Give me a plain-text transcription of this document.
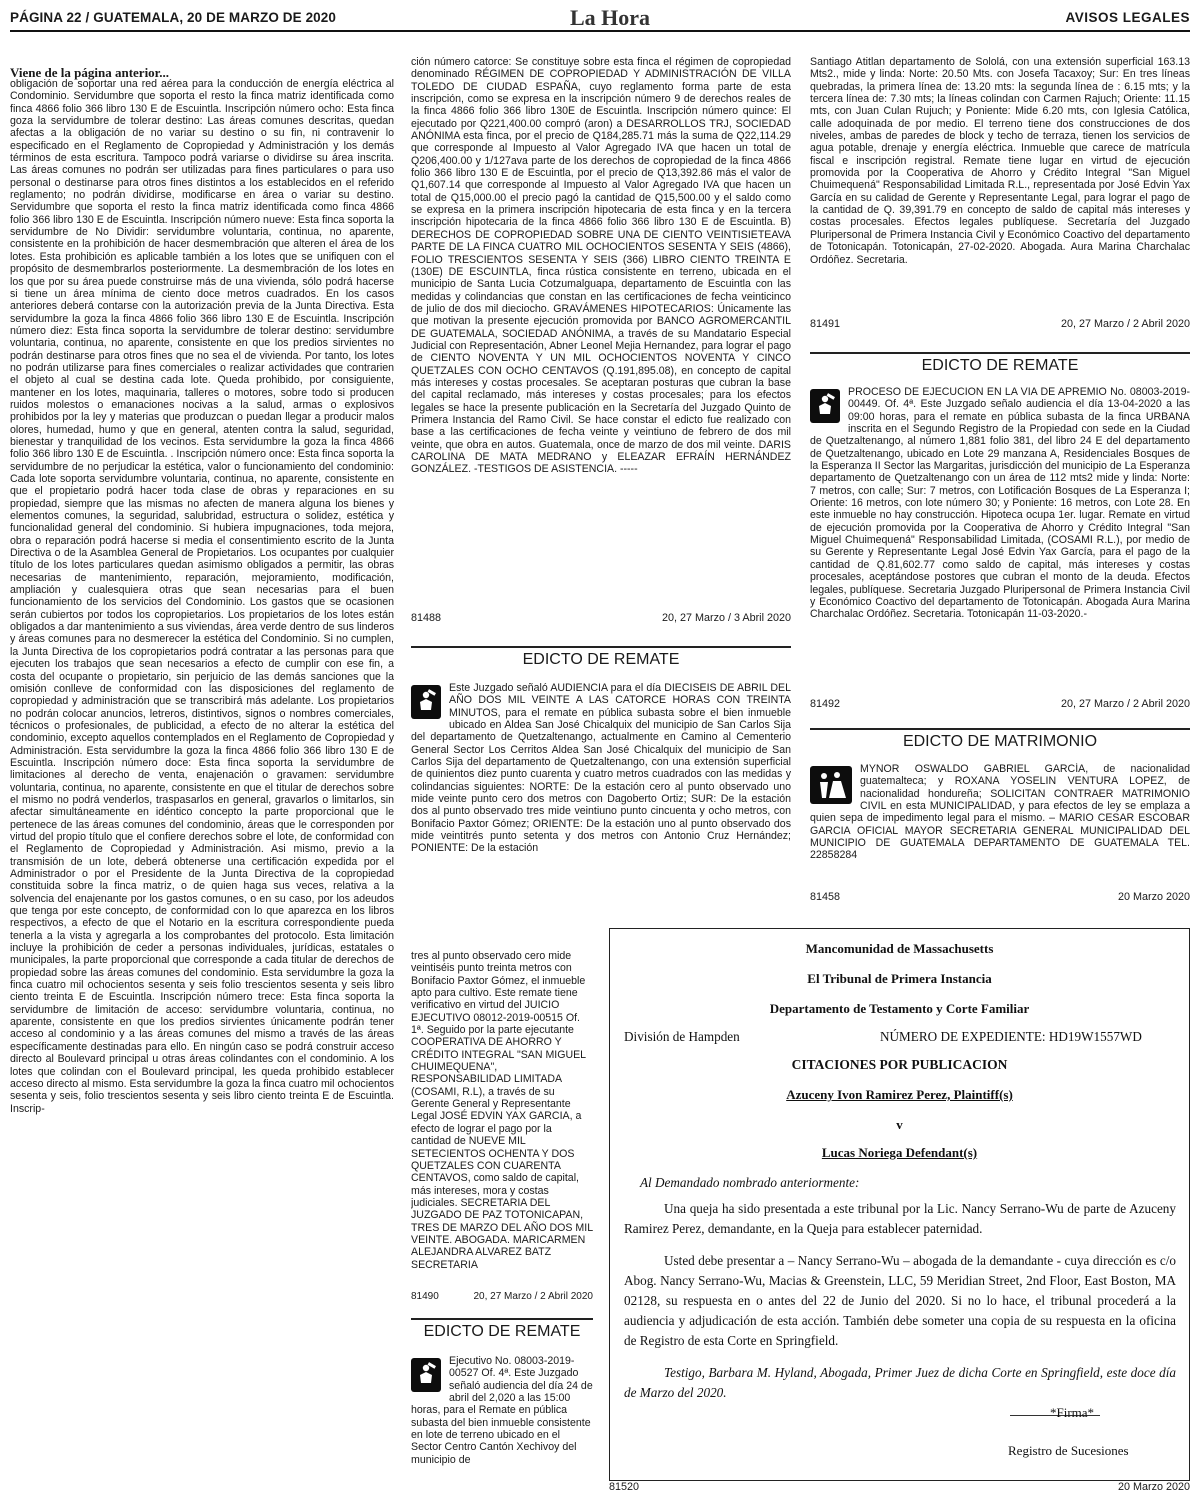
PÁGINA 22 / GUATEMALA, 20 DE MARZO DE 2020	La Hora	AVISOS LEGALES
Viene de la página anterior...

obligación de soportar una red aérea para la conducción de energía eléctrica al Condominio. Servidumbre que soporta el resto la finca matriz identificada como finca 4866 folio 366 libro 130 E de Escuintla. Inscripción número ocho: Esta finca goza la servidumbre de tolerar destino: Las áreas comunes descritas, quedan afectas a la obligación de no variar su destino o su fin, ni contravenir lo especificado en el Reglamento de Copropiedad y Administración y los demás términos de esta escritura. Tampoco podrá variarse o dividirse su área inscrita. Las áreas comunes no podrán ser utilizadas para fines particulares o para uso personal o destinarse para otros fines distintos a los establecidos en el referido reglamento; no podrán dividirse, modificarse en área o variar su destino. Servidumbre que soporta el resto la finca matriz identificada como finca 4866 folio 366 libro 130 E de Escuintla. Inscripción número nueve: Esta finca soporta la servidumbre de No Dividir: servidumbre voluntaria, continua, no aparente, consistente en la prohibición de hacer desmembración que alteren el área de los lotes. Esta prohibición es aplicable también a los lotes que se unifiquen con el propósito de desmembrarlos posteriormente. La desmembración de los lotes en los que por su área puede construirse más de una vivienda, sólo podrá hacerse si tiene un área mínima de ciento doce metros cuadrados. En los casos anteriores deberá contarse con la autorización previa de la Junta Directiva. Esta servidumbre la goza la finca 4866 folio 366 libro 130 E de Escuintla. Inscripción número diez: Esta finca soporta la servidumbre de tolerar destino: servidumbre voluntaria, continua, no aparente, consistente en que los predios sirvientes no podrán destinarse para otros fines que no sea el de vivienda. Por tanto, los lotes no podrán utilizarse para fines comerciales o realizar actividades que contrarien el objeto al cual se destina cada lote. Queda prohibido, por consiguiente, mantener en los lotes, maquinaria, talleres o motores, sobre todo si producen ruidos molestos o emanaciones nocivas a la salud, armas o explosivos prohibidos por la ley y materias que produzcan o puedan llegar a producir malos olores, humedad, humo y que en general, atenten contra la salud, seguridad, bienestar y tranquilidad de los vecinos. Esta servidumbre la goza la finca 4866 folio 366 libro 130 E de Escuintla. . Inscripción número once: Esta finca soporta la servidumbre de no perjudicar la estética, valor o funcionamiento del condominio: Cada lote soporta servidumbre voluntaria, continua, no aparente, consistente en que el propietario podrá hacer toda clase de obras y reparaciones en su propiedad, siempre que las mismas no afecten de manera alguna los bienes y elementos comunes, la seguridad, salubridad, estructura o solidez, estética y funcionalidad general del condominio. Si hubiera impugnaciones, toda mejora, obra o reparación podrá hacerse si media el consentimiento escrito de la Junta Directiva o de la Asamblea General de Propietarios. Los ocupantes por cualquier título de los lotes particulares quedan asimismo obligados a permitir, las obras necesarias de mantenimiento, reparación, mejoramiento, modificación, ampliación y cualesquiera otras que sean necesarias para el buen funcionamiento de los servicios del Condominio. Los gastos que se ocasionen serán cubiertos por todos los copropietarios. Los propietarios de los lotes están obligados a dar mantenimiento a sus viviendas, área verde dentro de sus linderos y áreas comunes para no desmerecer la estética del Condominio. Si no cumplen, la Junta Directiva de los copropietarios podrá contratar a las personas para que ejecuten los trabajos que sean necesarios a efecto de cumplir con ese fin, a costa del ocupante o propietario, sin perjuicio de las demás sanciones que la omisión conlleve de conformidad con las disposiciones del reglamento de copropiedad y administración que se transcribirá más adelante. Los propietarios no podrán colocar anuncios, letreros, distintivos, signos o nombres comerciales, técnicos o profesionales, de publicidad, a efecto de no alterar la estética del condominio, excepto aquellos contemplados en el Reglamento de Copropiedad y Administración. Esta servidumbre la goza la finca 4866 folio 366 libro 130 E de Escuintla. Inscripción número doce: Esta finca soporta la servidumbre de limitaciones al derecho de venta, enajenación o gravamen: servidumbre voluntaria, continua, no aparente, consistente en que el titular de derechos sobre el mismo no podrá venderlos, traspasarlos en general, gravarlos o limitarlos, sin afectar simultáneamente en idéntico concepto la parte proporcional que le pertenece de las áreas comunes del condominio, áreas que le corresponden por virtud del propio título que el confiere derechos sobre el lote, de conformidad con el Reglamento de Copropiedad y Administración. Asi mismo, previo a la transmisión de un lote, deberá obtenerse una certificación expedida por el Administrador o por el Presidente de la Junta Directiva de la copropiedad constituida sobre la finca matriz, o de quien haga sus veces, relativa a la solvencia del enajenante por los gastos comunes, o en su caso, por los adeudos que tenga por este concepto, de conformidad con lo que aparezca en los libros respectivos, a efecto de que el Notario en la escritura correspondiente pueda tenerla a la vista y agregarla a los comprobantes del protocolo. Esta limitación incluye la prohibición de ceder a personas individuales, jurídicas, estatales o municipales, la parte proporcional que corresponde a cada titular de derechos de propiedad sobre las áreas comunes del condominio. Esta servidumbre la goza la finca cuatro mil ochocientos sesenta y seis folio trescientos sesenta y seis libro ciento treinta E de Escuintla. Inscripción número trece: Esta finca soporta la servidumbre de limitación de acceso: servidumbre voluntaria, continua, no aparente, consistente en que los predios sirvientes únicamente podrán tener acceso al condominio y a las áreas comunes del mismo a través de las áreas específicamente destinadas para ello. En ningún caso se podrá construir acceso directo al Boulevard principal u otras áreas colindantes con el condominio. A los lotes que colindan con el Boulevard principal, les queda prohibido establecer acceso directo al mismo. Esta servidumbre la goza la finca cuatro mil ochocientos sesenta y seis, folio trescientos sesenta y seis libro ciento treinta E de Escuintla. Inscrip-

ción número catorce: Se constituye sobre esta finca el régimen de copropiedad denominado RÉGIMEN DE COPROPIEDAD Y ADMINISTRACIÓN DE VILLA TOLEDO DE CIUDAD ESPAÑA, cuyo reglamento forma parte de esta inscripción, como se expresa en la inscripción número 9 de derechos reales de la finca 4866 folio 366 libro 130E de Escuintla. Inscripción número quince: El ejecutado por Q221,400.00 compró (aron) a DESARROLLOS TRJ, SOCIEDAD ANÓNIMA esta finca, por el precio de Q184,285.71 más la suma de Q22,114.29 que corresponde al Impuesto al Valor Agregado IVA que hacen un total de Q206,400.00 y 1/127ava parte de los derechos de copropiedad de la finca 4866 folio 366 libro 130 E de Escuintla, por el precio de Q13,392.86 más el valor de Q1,607.14 que corresponde al Impuesto al Valor Agregado IVA que hacen un total de Q15,000.00 el precio pagó la cantidad de Q15,500.00 y el saldo como se expresa en la primera inscripción hipotecaria de esta finca y en la tercera inscripción hipotecaria de la finca 4866 folio 366 libro 130 E de Escuintla. B) DERECHOS DE COPROPIEDAD SOBRE UNA DE CIENTO VEINTISIETEAVA PARTE DE LA FINCA CUATRO MIL OCHOCIENTOS SESENTA Y SEIS (4866), FOLIO TRESCIENTOS SESENTA Y SEIS (366) LIBRO CIENTO TREINTA E (130E) DE ESCUINTLA, finca rústica consistente en terreno, ubicada en el municipio de Santa Lucia Cotzumalguapa, departamento de Escuintla con las medidas y colindancias que constan en las certificaciones de fecha veinticinco de julio de dos mil dieciocho. GRAVÁMENES HIPOTECARIOS: Únicamente las que motivan la presente ejecución promovida por BANCO AGROMERCANTIL DE GUATEMALA, SOCIEDAD ANÓNIMA, a través de su Mandatario Especial Judicial con Representación, Abner Leonel Mejia Hernandez, para lograr el pago de CIENTO NOVENTA Y UN MIL OCHOCIENTOS NOVENTA Y CINCO QUETZALES CON OCHO CENTAVOS (Q.191,895.08), en concepto de capital más intereses y costas procesales. Se aceptaran posturas que cubran la base del capital reclamado, más intereses y costas procesales; para los efectos legales se hace la presente publicación en la Secretaría del Juzgado Quinto de Primera Instancia del Ramo Civil. Se hace constar el edicto fue realizado con base a las certificaciones de fecha veinte y veintiuno de febrero de dos mil veinte, que obra en autos. Guatemala, once de marzo de dos mil veinte. DARIS CAROLINA DE MATA MEDRANO y ELEAZAR EFRAÍN HERNÁNDEZ GONZÁLEZ. -TESTIGOS DE ASISTENCIA. -----

81488	20, 27 Marzo / 3 Abril 2020
EDICTO DE REMATE

Este Juzgado señaló AUDIENCIA para el día DIECISEIS DE ABRIL DEL AÑO DOS MIL VEINTE A LAS CATORCE HORAS CON TREINTA MINUTOS, para el remate en pública subasta sobre el bien inmueble ubicado en Aldea San José Chicalquix del municipio de San Carlos Sija del departamento de Quetzaltenango, actualmente en Camino al Cementerio General Sector Los Cerritos Aldea San José Chicalquix del municipio de San Carlos Sija del departamento de Quetzaltenango, con una extensión superficial de quinientos diez punto cuarenta y cuatro metros cuadrados con las medidas y colindancias siguientes: NORTE: De la estación cero al punto observado uno mide veinte punto cero dos metros con Dagoberto Ortiz; SUR: De la estación dos al punto observado tres mide veintiuno punto cincuenta y ocho metros, con Bonifacio Paxtor Gómez; ORIENTE: De la estación uno al punto observado dos mide veintitrés punto setenta y dos metros con Antonio Cruz Hernández; PONIENTE: De la estación

tres al punto observado cero mide veintiséis punto treinta metros con Bonifacio Paxtor Gómez, el inmueble apto para cultivo. Este remate tiene verificativo en virtud del JUICIO EJECUTIVO 08012-2019-00515 Of. 1ª. Seguido por la parte ejecutante COOPERATIVA DE AHORRO Y CRÉDITO INTEGRAL "SAN MIGUEL CHUIMEQUENA", RESPONSABILIDAD LIMITADA (COSAMI, R.L), a través de su Gerente General y Representante Legal JOSÉ EDVIN YAX GARCIA, a efecto de lograr el pago por la cantidad de NUEVE MIL SETECIENTOS OCHENTA Y DOS QUETZALES CON CUARENTA CENTAVOS, como saldo de capital, más intereses, mora y costas judiciales. SECRETARIA DEL JUZGADO DE PAZ TOTONICAPAN, TRES DE MARZO DEL AÑO DOS MIL VEINTE. ABOGADA. MARICARMEN ALEJANDRA ALVAREZ BATZ SECRETARIA

81490	20, 27 Marzo / 2 Abril 2020
EDICTO DE REMATE

Ejecutivo No. 08003-2019-00527 Of. 4ª. Este Juzgado señaló audiencia del día 24 de abril del 2,020 a las 15:00 horas, para el Remate en pública subasta del bien inmueble consistente en lote de terreno ubicado en el Sector Centro Cantón Xechivoy del municipio de

Santiago Atitlan departamento de Sololá, con una extensión superficial 163.13 Mts2., mide y linda: Norte: 20.50 Mts. con Josefa Tacaxoy; Sur: En tres líneas quebradas, la primera línea de: 13.20 mts: la segunda línea de : 6.15 mts; y la tercera línea de: 7.30 mts; la líneas colindan con Carmen Rajuch; Oriente: 11.15 mts, con Juan Culan Rujuch; y Poniente: Mide 6.20 mts, con Iglesia Católica, calle adoquinada de por medio. El terreno tiene dos construcciones de dos niveles, ambas de paredes de block y techo de terraza, tienen los servicios de agua potable, drenaje y energía eléctrica. Inmueble que carece de matrícula fiscal e inscripción registral. Remate tiene lugar en virtud de ejecución promovida por la Cooperativa de Ahorro y Crédito Integral "San Miguel Chuimequená" Responsabilidad Limitada R.L., representada por José Edvin Yax García en su calidad de Gerente y Representante Legal, para lograr el pago de la cantidad de Q. 39,391.79 en concepto de saldo de capital más intereses y costas procesales. Efectos legales publíquese. Secretaría del Juzgado Pluripersonal de Primera Instancia Civil y Económico Coactivo del departamento de Totonicapán. Totonicapán, 27-02-2020. Abogada. Aura Marina Charchalac Ordóñez. Secretaria.

81491	20, 27 Marzo / 2 Abril 2020
EDICTO DE REMATE

PROCESO DE EJECUCION EN LA VIA DE APREMIO No. 08003-2019-00449. Of. 4ª. Este Juzgado señalo audiencia el día 13-04-2020 a las 09:00 horas, para el remate en pública subasta de la finca URBANA inscrita en el Segundo Registro de la Propiedad con sede en la Ciudad de Quetzaltenango, al número 1,881 folio 381, del libro 24 E del departamento de Quetzaltenango, ubicado en Lote 29 manzana A, Residenciales Bosques de la Esperanza II Sector las Margaritas, jurisdicción del municipio de La Esperanza departamento de Quetzaltenango con un área de 112 mts2 mide y linda: Norte: 7 metros, con calle; Sur: 7 metros, con Lotificación Bosques de La Esperanza I; Oriente: 16 metros, con lote número 30; y Poniente: 16 metros, con Lote 28. En este inmueble no hay construcción. Hipoteca ocupa 1er. lugar. Remate en virtud de ejecución promovida por la Cooperativa de Ahorro y Crédito Integral "San Miguel Chuimequená" Responsabilidad Limitada, (COSAMI R.L.), por medio de su Gerente y Representante Legal José Edvin Yax García, para el pago de la cantidad de Q.81,602.77 como saldo de capital, más intereses y costas procesales, aceptándose postores que cubran el monto de la deuda. Efectos legales, publíquese. Secretaria Juzgado Pluripersonal de Primera Instancia Civil y Económico Coactivo del departamento de Totonicapán. Abogada Aura Marina Charchalac Ordóñez. Secretaria. Totonicapán 11-03-2020.-

81492	20, 27 Marzo / 2 Abril 2020
EDICTO DE MATRIMONIO

MYNOR OSWALDO GABRIEL GARCÍA, de nacionalidad guatemalteca; y ROXANA YOSELIN VENTURA LOPEZ, de nacionalidad hondureña; SOLICITAN CONTRAER MATRIMONIO CIVIL en esta MUNICIPALIDAD, y para efectos de ley se emplaza a quien sepa de impedimento legal para el mismo. – MARIO CESAR ESCOBAR GARCIA OFICIAL MAYOR SECRETARIA GENERAL MUNICIPALIDAD DEL MUNICIPIO DE GUATEMALA DEPARTAMENTO DE GUATEMALA TEL. 22858284

81458	20 Marzo 2020
Mancomunidad de Massachusetts
El Tribunal de Primera Instancia
Departamento de Testamento y Corte Familiar
División de Hampden	NÚMERO DE EXPEDIENTE: HD19W1557WD
CITACIONES POR PUBLICACION
Azuceny Ivon Ramirez Perez, Plaintiff(s)
v
Lucas Noriega Defendant(s)
Al Demandado nombrado anteriormente:
Una queja ha sido presentada a este tribunal por la Lic. Nancy Serrano-Wu de parte de Azuceny Ramirez Perez, demandante, en la Queja para establecer paternidad.
Usted debe presentar a – Nancy Serrano-Wu – abogada de la demandante - cuya dirección es c/o Abog. Nancy Serrano-Wu, Macias & Greenstein, LLC, 59 Meridian Street, 2nd Floor, East Boston, MA 02128, su respuesta en o antes del 22 de Junio del 2020. Si no lo hace, el tribunal procederá a la audiencia y adjudicación de esta acción. También debe someter una copia de su respuesta en la oficina de Registro de esta Corte en Springfield.
Testigo, Barbara M. Hyland, Abogada, Primer Juez de dicha Corte en Springfield, este doce día de Marzo del 2020.
*Firma*
Registro de Sucesiones
81520	20 Marzo 2020
